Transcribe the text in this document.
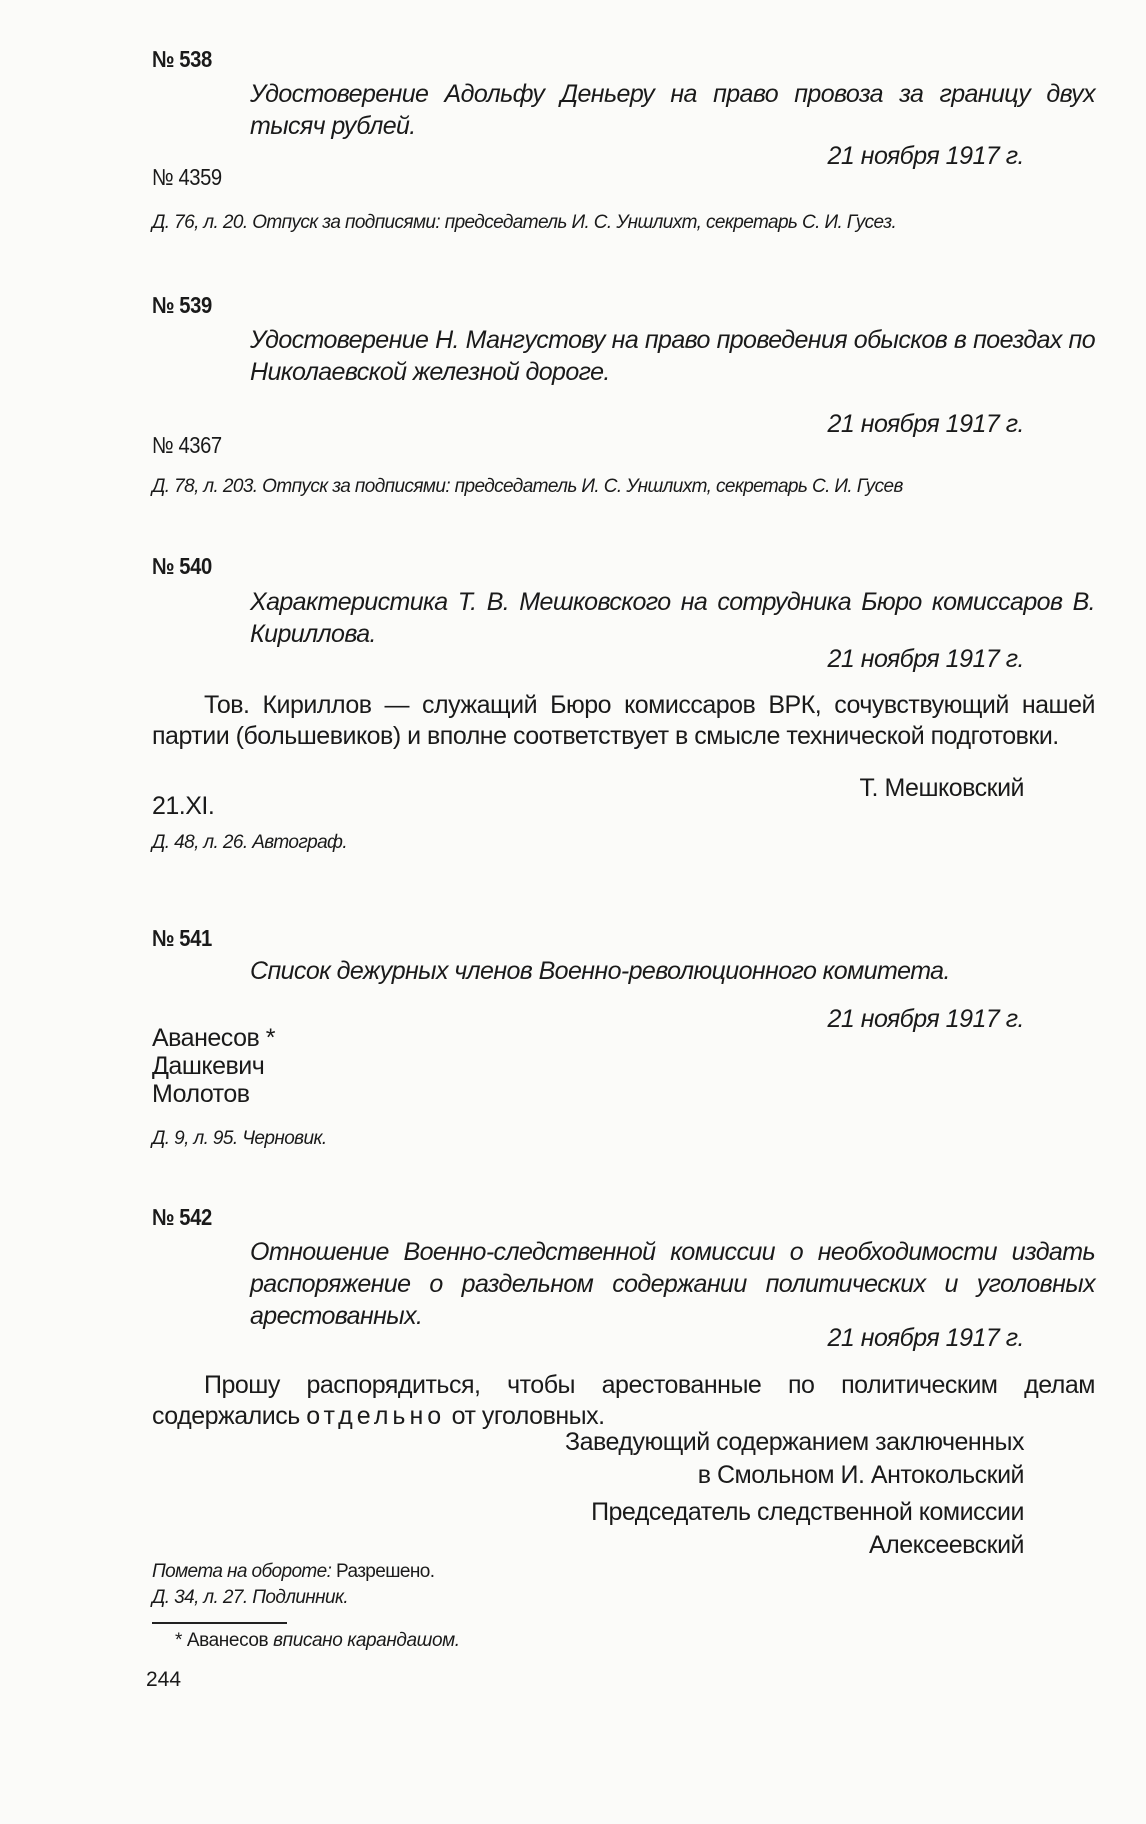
№ 538
Удостоверение Адольфу Деньеру на право провоза за границу двух тысяч рублей.
21 ноября 1917 г.
№ 4359
Д. 76, л. 20. Отпуск за подписями: председатель И. С. Уншлихт, секретарь С. И. Гусез.
№ 539
Удостоверение Н. Мангустову на право проведения обысков в поездах по Николаевской железной дороге.
21 ноября 1917 г.
№ 4367
Д. 78, л. 203. Отпуск за подписями: председатель И. С. Уншлихт, секретарь С. И. Гусев
№ 540
Характеристика Т. В. Мешковского на сотрудника Бюро комиссаров В. Кириллова.
21 ноября 1917 г.
Тов. Кириллов — служащий Бюро комиссаров ВРК, сочувствующий нашей партии (большевиков) и вполне соответствует в смысле технической подготовки.
Т. Мешковский
21.XI.
Д. 48, л. 26. Автограф.
№ 541
Список дежурных членов Военно-революционного комитета.
21 ноября 1917 г.
Аванесов *
Дашкевич
Молотов
Д. 9, л. 95. Черновик.
№ 542
Отношение Военно-следственной комиссии о необходимости издать распоряжение о раздельном содержании политических и уголовных арестованных.
21 ноября 1917 г.
Прошу распорядиться, чтобы арестованные по политическим делам содержались отдельно от уголовных.
Заведующий содержанием заключенных
в Смольном И. Антокольский
Председатель следственной комиссии
Алексеевский
Помета на обороте: Разрешено.
Д. 34, л. 27. Подлинник.
* Аванесов вписано карандашом.
244
